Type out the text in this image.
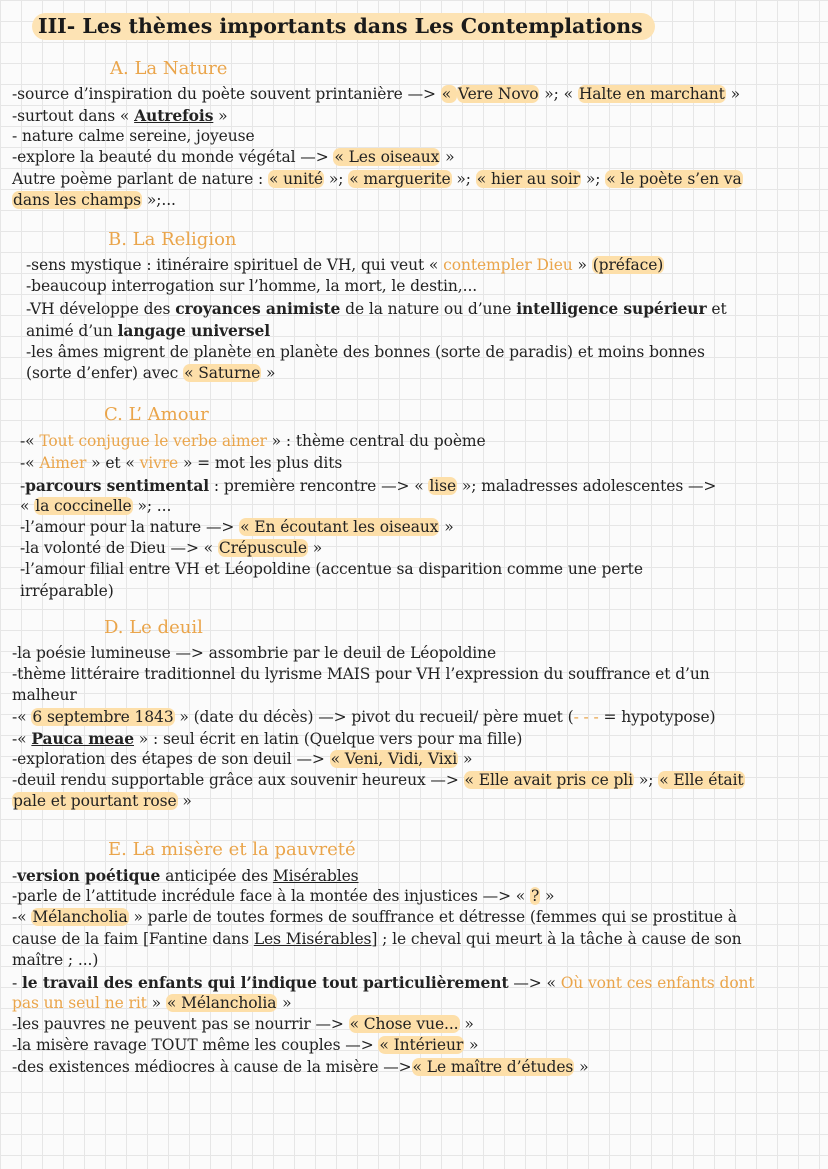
III- Les thèmes importants dans Les Contemplations
A. La Nature
-source d’inspiration du poète souvent printanière —> « Vere Novo »; « Halte en marchant »
-surtout dans « Autrefois »
- nature calme sereine, joyeuse
-explore la beauté du monde végétal —> « Les oiseaux »
Autre poème parlant de nature : « unité »; « marguerite »; « hier au soir »; « le poète s’en va
dans les champs »;...
B. La Religion
-sens mystique : itinéraire spirituel de VH, qui veut « contempler Dieu » (préface)
-beaucoup interrogation sur l’homme, la mort, le destin,...
-VH développe des croyances animiste de la nature ou d’une intelligence supérieur et
animé d’un langage universel
-les âmes migrent de planète en planète des bonnes (sorte de paradis) et moins bonnes
(sorte d’enfer) avec « Saturne »
C. L’ Amour
-« Tout conjugue le verbe aimer » : thème central du poème
-« Aimer » et « vivre » = mot les plus dits
-parcours sentimental : première rencontre —> « lise »; maladresses adolescentes —>
« la coccinelle »; ...
-l’amour pour la nature —> « En écoutant les oiseaux »
-la volonté de Dieu —> « Crépuscule »
-l’amour filial entre VH et Léopoldine (accentue sa disparition comme une perte
irréparable)
D. Le deuil
-la poésie lumineuse —> assombrie par le deuil de Léopoldine
-thème littéraire traditionnel du lyrisme MAIS pour VH l’expression du souffrance et d’un
malheur
-« 6 septembre 1843 » (date du décès) —> pivot du recueil/ père muet (- - - = hypotypose)
-« Pauca meae » : seul écrit en latin (Quelque vers pour ma fille)
-exploration des étapes de son deuil —> « Veni, Vidi, Vixi »
-deuil rendu supportable grâce aux souvenir heureux —> « Elle avait pris ce pli »; « Elle était
pale et pourtant rose »
E. La misère et la pauvreté
-version poétique anticipée des Misérables
-parle de l’attitude incrédule face à la montée des injustices —> « ? »
-« Mélancholia » parle de toutes formes de souffrance et détresse (femmes qui se prostitue à
cause de la faim [Fantine dans Les Misérables] ; le cheval qui meurt à la tâche à cause de son
maître ; ...)
- le travail des enfants qui l’indique tout particulièrement —> « Où vont ces enfants dont
pas un seul ne rit » « Mélancholia »
-les pauvres ne peuvent pas se nourrir —> « Chose vue... »
-la misère ravage TOUT même les couples —> « Intérieur »
-des existences médiocres à cause de la misère —>« Le maître d’études »
